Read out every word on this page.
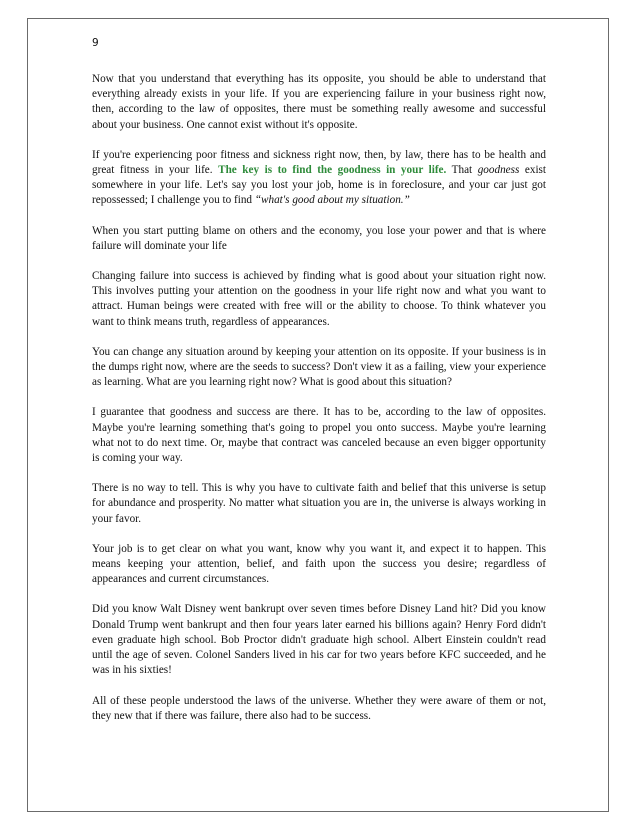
9

Now that you understand that everything has its opposite, you should be able to understand that everything already exists in your life. If you are experiencing failure in your business right now, then, according to the law of opposites, there must be something really awesome and successful about your business. One cannot exist without it's opposite.

If you're experiencing poor fitness and sickness right now, then, by law, there has to be health and great fitness in your life. The key is to find the goodness in your life. That goodness exist somewhere in your life. Let's say you lost your job, home is in foreclosure, and your car just got repossessed; I challenge you to find “what's good about my situation.”

When you start putting blame on others and the economy, you lose your power and that is where failure will dominate your life

Changing failure into success is achieved by finding what is good about your situation right now. This involves putting your attention on the goodness in your life right now and what you want to attract. Human beings were created with free will or the ability to choose. To think whatever you want to think means truth, regardless of appearances.

You can change any situation around by keeping your attention on its opposite. If your business is in the dumps right now, where are the seeds to success? Don't view it as a failing, view your experience as learning. What are you learning right now? What is good about this situation?

I guarantee that goodness and success are there. It has to be, according to the law of opposites. Maybe you're learning something that's going to propel you onto success. Maybe you're learning what not to do next time. Or, maybe that contract was canceled because an even bigger opportunity is coming your way.

There is no way to tell. This is why you have to cultivate faith and belief that this universe is setup for abundance and prosperity. No matter what situation you are in, the universe is always working in your favor.

Your job is to get clear on what you want, know why you want it, and expect it to happen. This means keeping your attention, belief, and faith upon the success you desire; regardless of appearances and current circumstances.

Did you know Walt Disney went bankrupt over seven times before Disney Land hit? Did you know Donald Trump went bankrupt and then four years later earned his billions again? Henry Ford didn't even graduate high school. Bob Proctor didn't graduate high school. Albert Einstein couldn't read until the age of seven. Colonel Sanders lived in his car for two years before KFC succeeded, and he was in his sixties!

All of these people understood the laws of the universe. Whether they were aware of them or not, they new that if there was failure, there also had to be success.
